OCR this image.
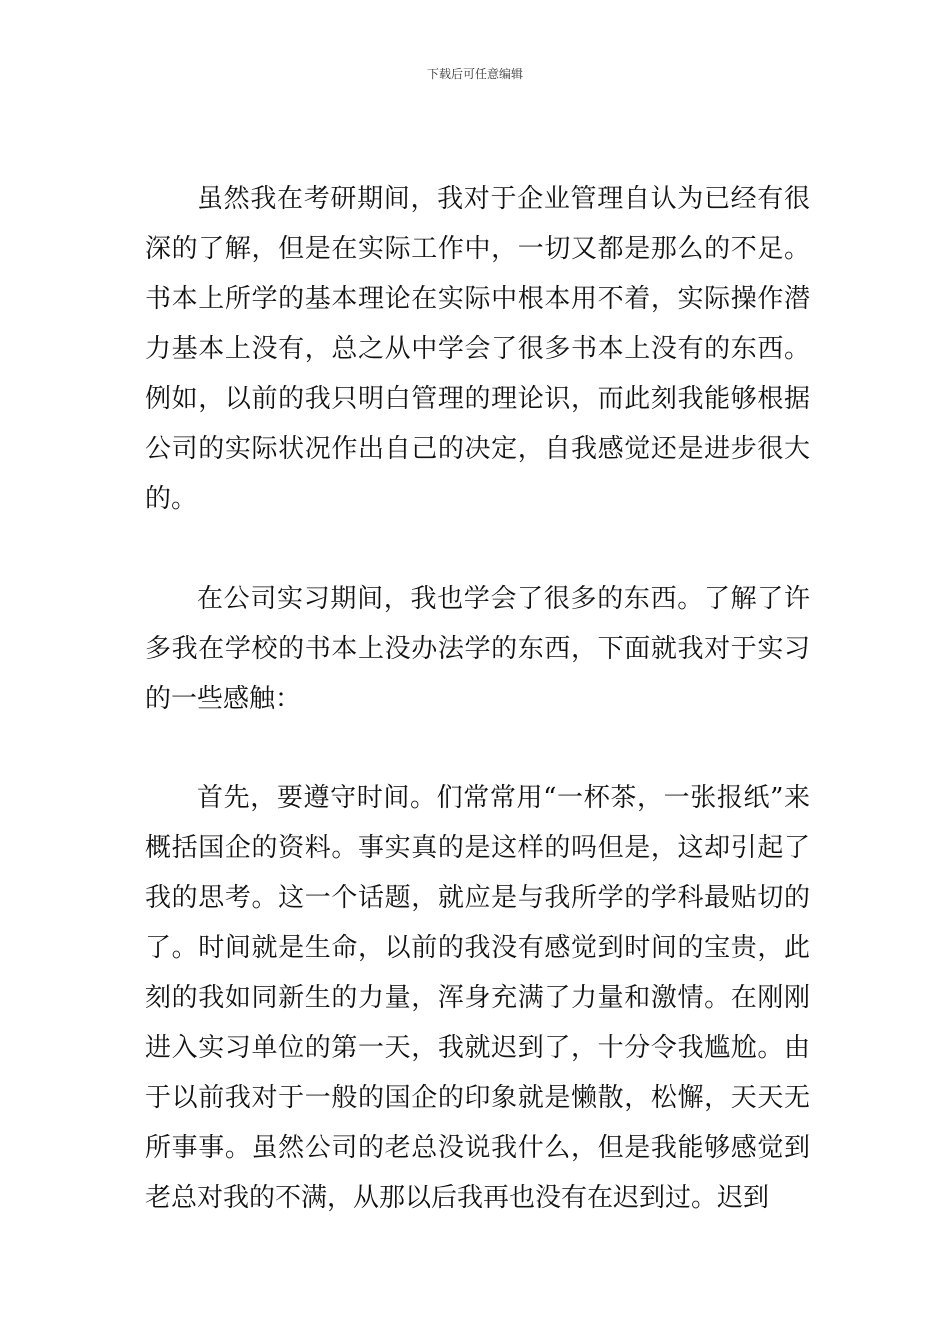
下载后可任意编辑

虽然我在考研期间，我对于企业管理自认为已经有很深的了解，但是在实际工作中，一切又都是那么的不足。书本上所学的基本理论在实际中根本用不着，实际操作潜力基本上没有，总之从中学会了很多书本上没有的东西。例如，以前的我只明白管理的理论识，而此刻我能够根据公司的实际状况作出自己的决定，自我感觉还是进步很大的。

在公司实习期间，我也学会了很多的东西。了解了许多我在学校的书本上没办法学的东西，下面就我对于实习的一些感触：

首先，要遵守时间。们常常用“一杯茶，一张报纸”来概括国企的资料。事实真的是这样的吗但是，这却引起了我的思考。这一个话题，就应是与我所学的学科最贴切的了。时间就是生命，以前的我没有感觉到时间的宝贵，此刻的我如同新生的力量，浑身充满了力量和激情。在刚刚进入实习单位的第一天，我就迟到了，十分令我尴尬。由于以前我对于一般的国企的印象就是懒散，松懈，天天无所事事。虽然公司的老总没说我什么，但是我能够感觉到老总对我的不满，从那以后我再也没有在迟到过。迟到
